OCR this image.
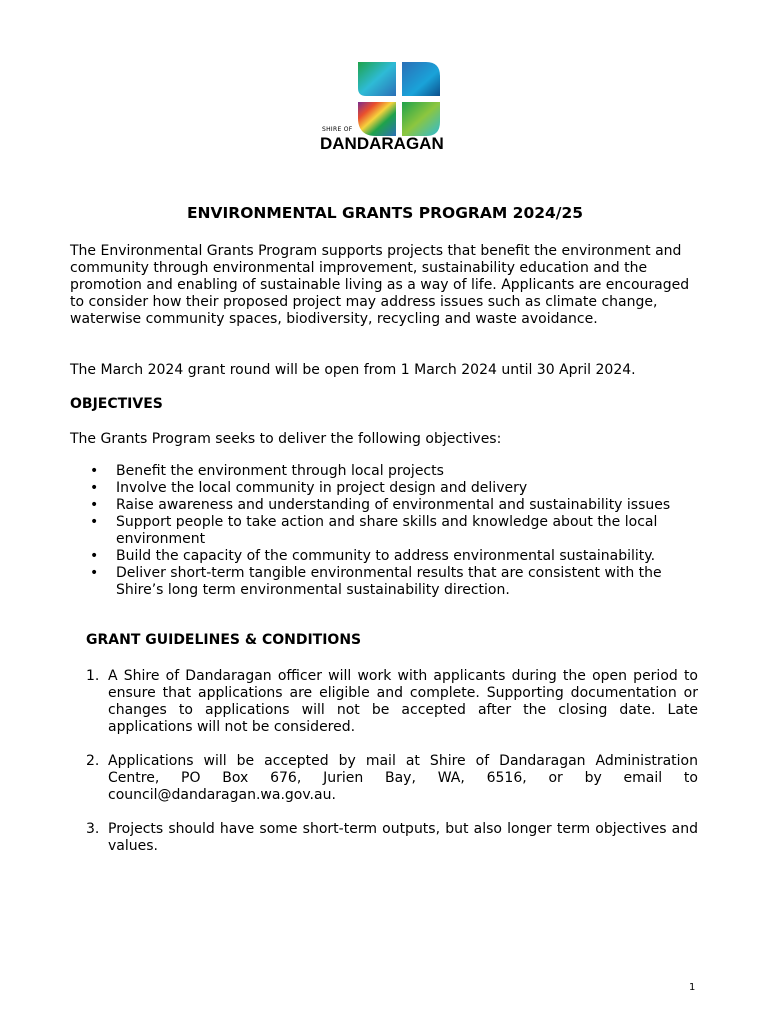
SHIRE OF
DANDARAGAN
ENVIRONMENTAL GRANTS PROGRAM 2024/25
The Environmental Grants Program supports projects that benefit the environment and community through environmental improvement, sustainability education and the promotion and enabling of sustainable living as a way of life. Applicants are encouraged to consider how their proposed project may address issues such as climate change, waterwise community spaces, biodiversity, recycling and waste avoidance.
The March 2024 grant round will be open from 1 March 2024 until 30 April 2024.
OBJECTIVES
The Grants Program seeks to deliver the following objectives:
• Benefit the environment through local projects
• Involve the local community in project design and delivery
• Raise awareness and understanding of environmental and sustainability issues
• Support people to take action and share skills and knowledge about the local environment
• Build the capacity of the community to address environmental sustainability.
• Deliver short-term tangible environmental results that are consistent with the Shire’s long term environmental sustainability direction.
GRANT GUIDELINES & CONDITIONS
1. A Shire of Dandaragan officer will work with applicants during the open period to ensure that applications are eligible and complete. Supporting documentation or changes to applications will not be accepted after the closing date. Late applications will not be considered.
2. Applications will be accepted by mail at Shire of Dandaragan Administration Centre, PO Box 676, Jurien Bay, WA, 6516, or by email to council@dandaragan.wa.gov.au.
3. Projects should have some short-term outputs, but also longer term objectives and values.
1
